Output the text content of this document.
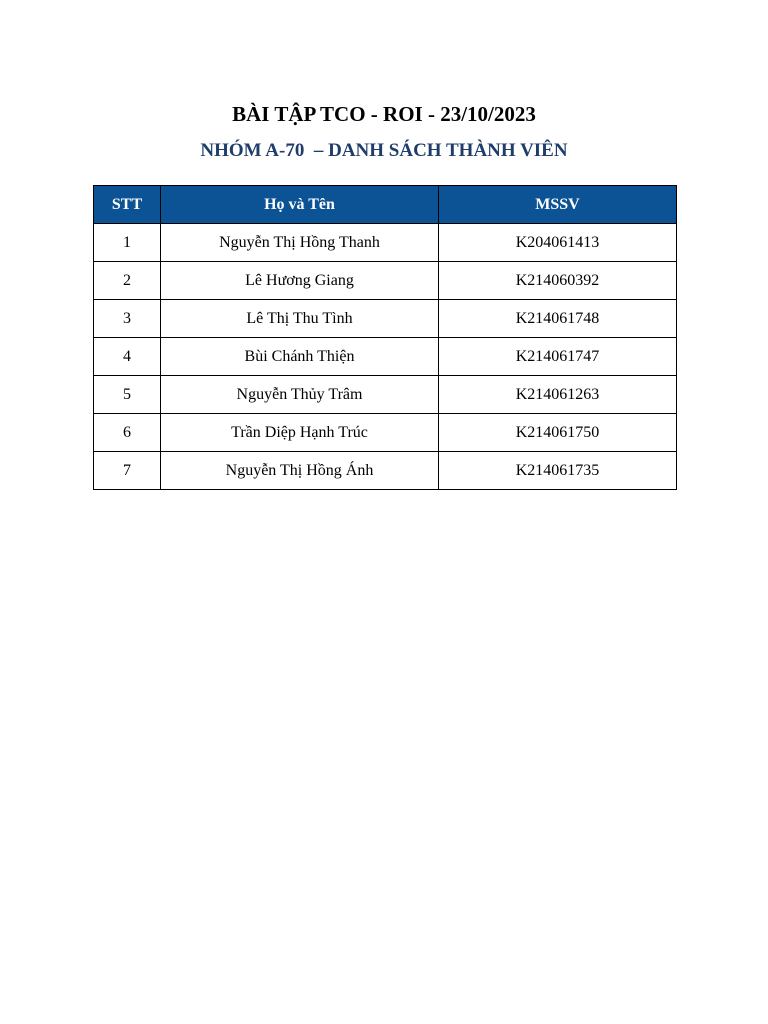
BÀI TẬP TCO - ROI - 23/10/2023
NHÓM A-70  – DANH SÁCH THÀNH VIÊN
STT	Họ và Tên	MSSV
1	Nguyễn Thị Hồng Thanh	K204061413
2	Lê Hương Giang	K214060392
3	Lê Thị Thu Tình	K214061748
4	Bùi Chánh Thiện	K214061747
5	Nguyễn Thủy Trâm	K214061263
6	Trần Diệp Hạnh Trúc	K214061750
7	Nguyễn Thị Hồng Ánh	K214061735
